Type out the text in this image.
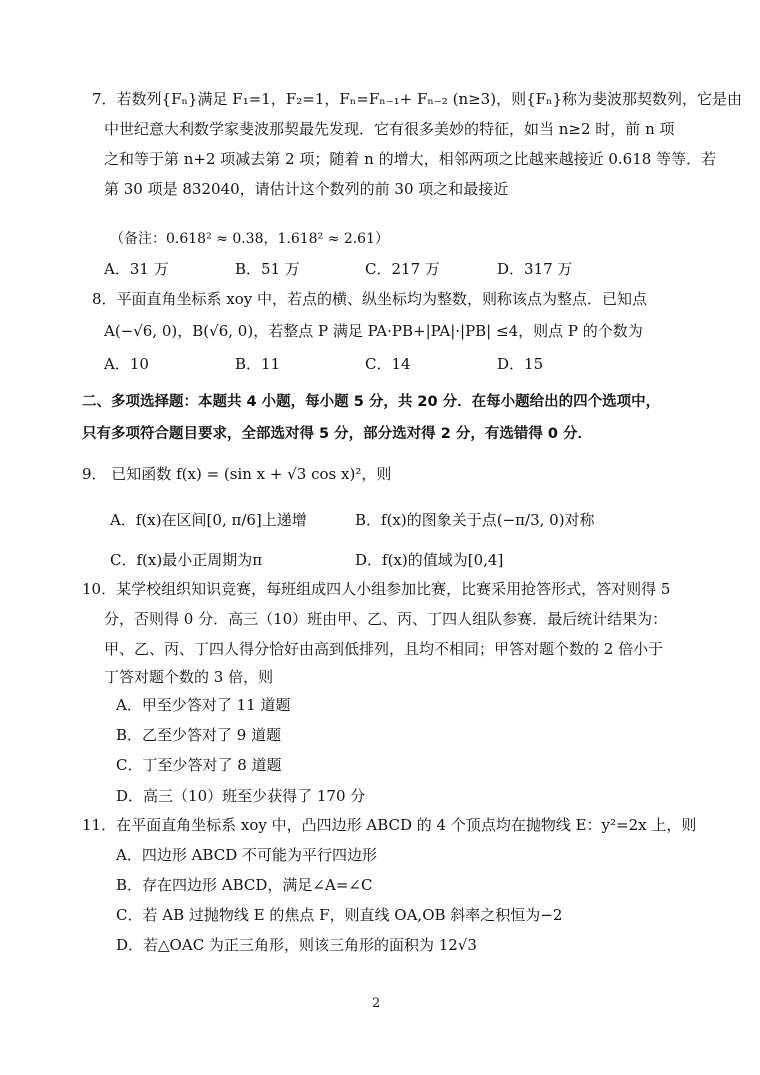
7．若数列{Fₙ}满足 F₁=1，F₂=1，Fₙ=Fₙ₋₁+ Fₙ₋₂ (n≥3)，则{Fₙ}称为斐波那契数列，它是由
中世纪意大利数学家斐波那契最先发现．它有很多美妙的特征，如当 n≥2 时，前 n 项
之和等于第 n+2 项减去第 2 项；随着 n 的增大，相邻两项之比越来越接近 0.618 等等．若
第 30 项是 832040，请估计这个数列的前 30 项之和最接近
（备注：0.618² ≈ 0.38，1.618² ≈ 2.61）
A．31 万	B．51 万	C．217 万	D．317 万
8．平面直角坐标系 xoy 中，若点的横、纵坐标均为整数，则称该点为整点．已知点
A(−√6, 0)，B(√6, 0)，若整点 P 满足 PA·PB+|PA|·|PB| ≤4，则点 P 的个数为
A．10	B．11	C．14	D．15
二、多项选择题：本题共 4 小题，每小题 5 分，共 20 分．在每小题给出的四个选项中，
只有多项符合题目要求，全部选对得 5 分，部分选对得 2 分，有选错得 0 分．
9． 已知函数 f(x) = (sin x + √3 cos x)²，则
A．f(x)在区间[0, π/6]上递增	B．f(x)的图象关于点(−π/3, 0)对称
C．f(x)最小正周期为π	D．f(x)的值域为[0,4]
10．某学校组织知识竞赛，每班组成四人小组参加比赛，比赛采用抢答形式，答对则得 5
分，否则得 0 分．高三（10）班由甲、乙、丙、丁四人组队参赛．最后统计结果为：
甲、乙、丙、丁四人得分恰好由高到低排列，且均不相同；甲答对题个数的 2 倍小于
丁答对题个数的 3 倍，则
A．甲至少答对了 11 道题
B．乙至少答对了 9 道题
C．丁至少答对了 8 道题
D．高三（10）班至少获得了 170 分
11．在平面直角坐标系 xoy 中，凸四边形 ABCD 的 4 个顶点均在抛物线 E：y²=2x 上，则
A．四边形 ABCD 不可能为平行四边形
B．存在四边形 ABCD，满足∠A=∠C
C．若 AB 过抛物线 E 的焦点 F，则直线 OA,OB 斜率之积恒为−2
D．若△OAC 为正三角形，则该三角形的面积为 12√3
2
